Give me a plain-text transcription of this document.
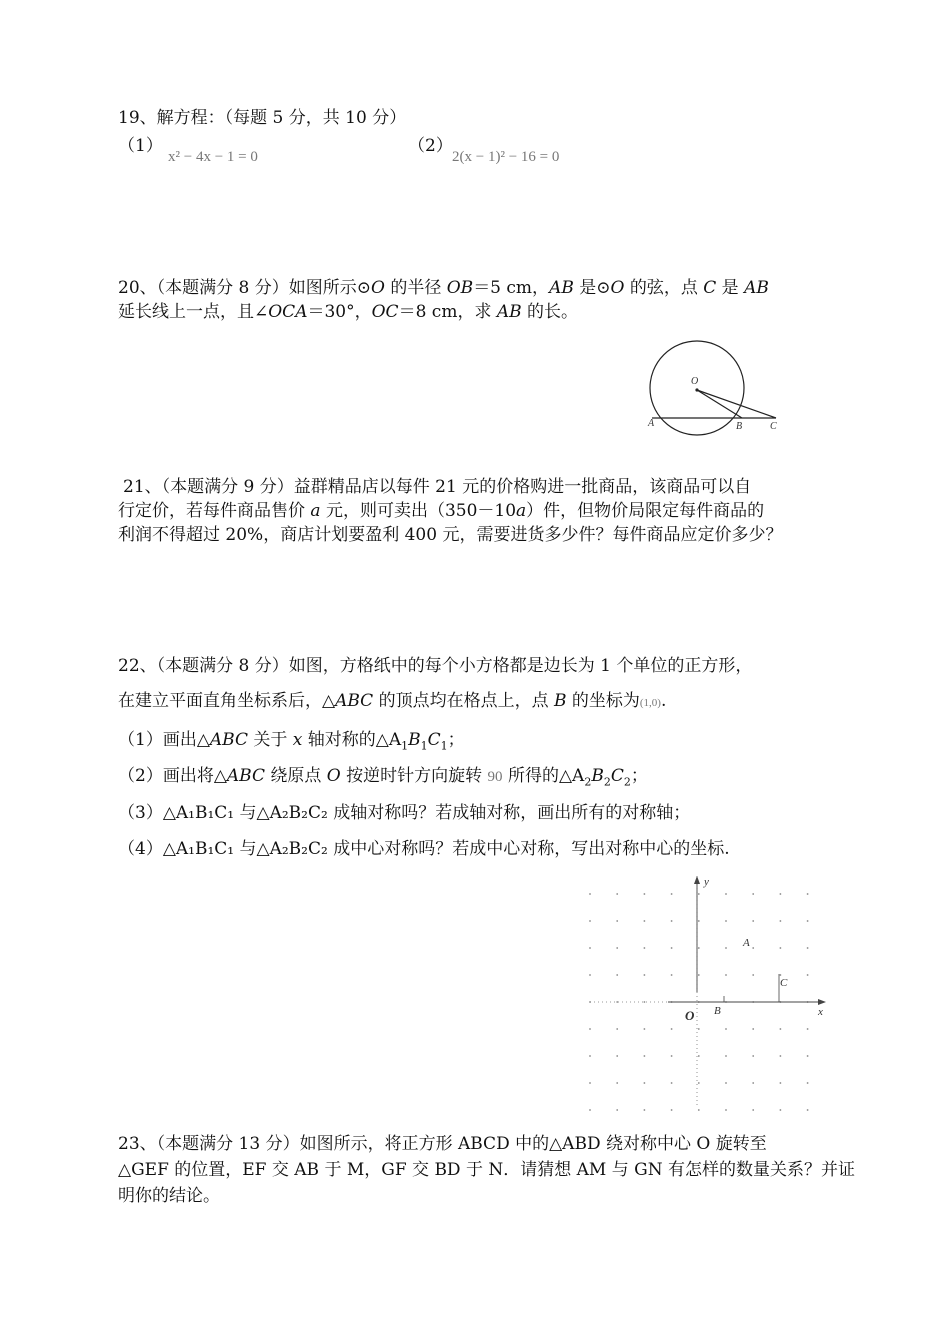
19、解方程：（每题 5 分，共 10 分）
（1）
x² − 4x − 1 = 0
（2）
2(x − 1)² − 16 = 0
20、（本题满分 8 分）如图所示⊙O 的半径 OB＝5 cm，AB 是⊙O 的弦，点 C 是 AB
延长线上一点，且∠OCA＝30°，OC＝8 cm，求 AB 的长。
O
A	B	C
21、（本题满分 9 分）益群精品店以每件 21 元的价格购进一批商品，该商品可以自
行定价，若每件商品售价 a 元，则可卖出（350－10a）件，但物价局限定每件商品的
利润不得超过 20%，商店计划要盈利 400 元，需要进货多少件？每件商品应定价多少？
22、（本题满分 8 分）如图，方格纸中的每个小方格都是边长为 1 个单位的正方形，
在建立平面直角坐标系后，△ABC 的顶点均在格点上，点 B 的坐标为(1,0).
（1）画出△ABC 关于 x 轴对称的$\triangle A_1B_1C_1$；
（2）画出将△ABC 绕原点 O 按逆时针方向旋转 90 所得的$\triangle A_2B_2C_2$；
（3）△A₁B₁C₁ 与△A₂B₂C₂ 成轴对称吗？若成轴对称，画出所有的对称轴；
（4）△A₁B₁C₁ 与△A₂B₂C₂ 成中心对称吗？若成中心对称，写出对称中心的坐标.
y
A
C
B
O	x
23、（本题满分 13 分）如图所示，将正方形 ABCD 中的△ABD 绕对称中心 O 旋转至
△GEF 的位置，EF 交 AB 于 M，GF 交 BD 于 N．请猜想 AM 与 GN 有怎样的数量关系？并证
明你的结论。
